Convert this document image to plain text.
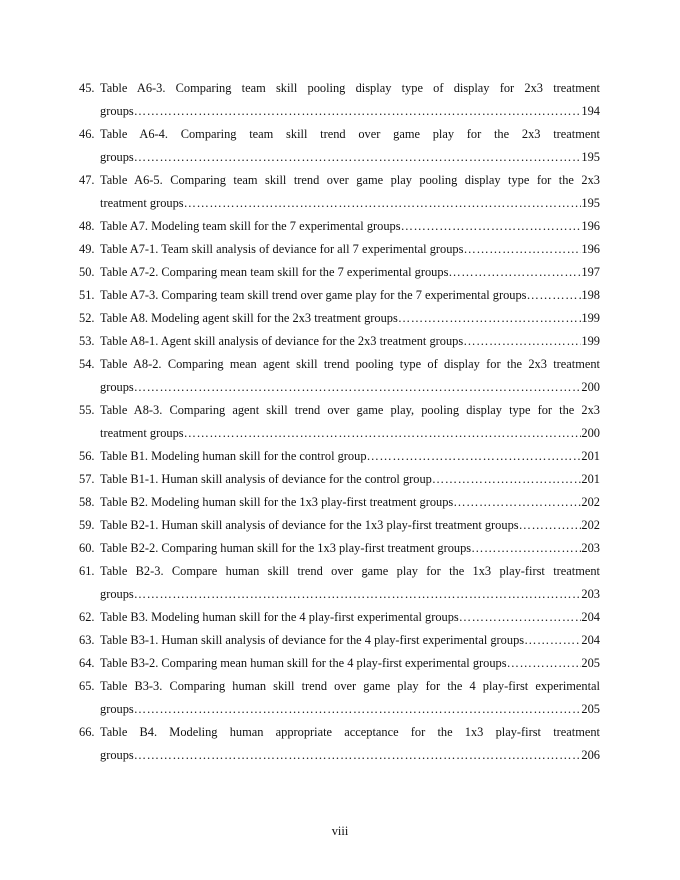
45. Table A6-3. Comparing team skill pooling display type of display for 2x3 treatment
groups …………………………………………………………………………………………………………………………………………………………	194
46. Table A6-4. Comparing team skill trend over game play for the 2x3 treatment
groups …………………………………………………………………………………………………………………………………………………………	195
47. Table A6-5. Comparing team skill trend over game play pooling display type for the 2x3
treatment groups …………………………………………………………………………………………………………………………………………………………	195
48. Table A7. Modeling team skill for the 7 experimental groups …………………………………………………………………………………………………………………………………………………………	196
49. Table A7-1. Team skill analysis of deviance for all 7 experimental groups …………………………………………………………………………………………………………………………………………………………	196
50. Table A7-2. Comparing mean team skill for the 7 experimental groups …………………………………………………………………………………………………………………………………………………………	197
51. Table A7-3. Comparing team skill trend over game play for the 7 experimental groups …………………………………………………………………………………………………………………………………………………………	198
52. Table A8. Modeling agent skill for the 2x3 treatment groups …………………………………………………………………………………………………………………………………………………………	199
53. Table A8-1. Agent skill analysis of deviance for the 2x3 treatment groups …………………………………………………………………………………………………………………………………………………………	199
54. Table A8-2. Comparing mean agent skill trend pooling type of display for the 2x3 treatment
groups …………………………………………………………………………………………………………………………………………………………	200
55. Table A8-3. Comparing agent skill trend over game play, pooling display type for the 2x3
treatment groups …………………………………………………………………………………………………………………………………………………………	200
56. Table B1. Modeling human skill for the control group …………………………………………………………………………………………………………………………………………………………	201
57. Table B1-1. Human skill analysis of deviance for the control group …………………………………………………………………………………………………………………………………………………………	201
58. Table B2. Modeling human skill for the 1x3 play-first treatment groups …………………………………………………………………………………………………………………………………………………………	202
59. Table B2-1. Human skill analysis of deviance for the 1x3 play-first treatment groups …………………………………………………………………………………………………………………………………………………………	202
60. Table B2-2. Comparing human skill for the 1x3 play-first treatment groups …………………………………………………………………………………………………………………………………………………………	203
61. Table B2-3. Compare human skill trend over game play for the 1x3 play-first treatment
groups …………………………………………………………………………………………………………………………………………………………	203
62. Table B3. Modeling human skill for the 4 play-first experimental groups …………………………………………………………………………………………………………………………………………………………	204
63. Table B3-1. Human skill analysis of deviance for the 4 play-first experimental groups …………………………………………………………………………………………………………………………………………………………	204
64. Table B3-2. Comparing mean human skill for the 4 play-first experimental groups …………………………………………………………………………………………………………………………………………………………	205
65. Table B3-3. Comparing human skill trend over game play for the 4 play-first experimental
groups …………………………………………………………………………………………………………………………………………………………	205
66. Table B4. Modeling human appropriate acceptance for the 1x3 play-first treatment
groups …………………………………………………………………………………………………………………………………………………………	206
viii
